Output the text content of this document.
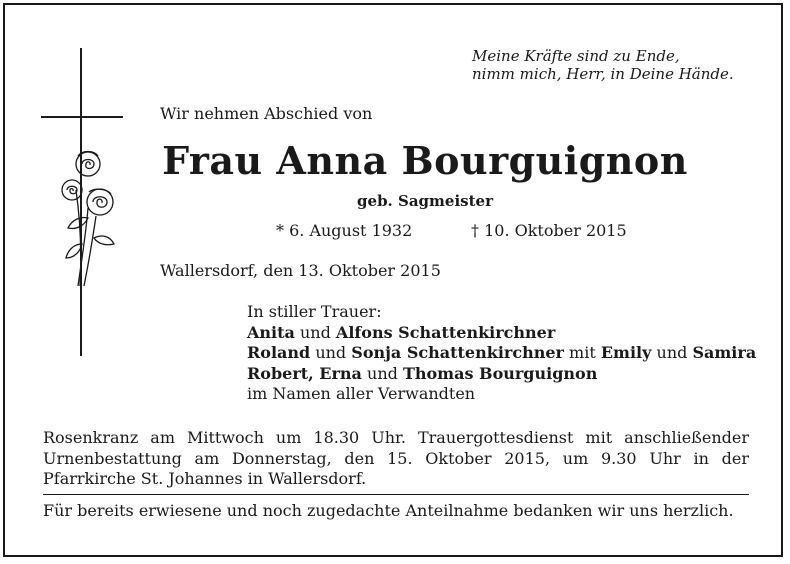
Meine Kräfte sind zu Ende,
nimm mich, Herr, in Deine Hände.
Wir nehmen Abschied von
Frau Anna Bourguignon
geb. Sagmeister
* 6. August 1932	† 10. Oktober 2015
Wallersdorf, den 13. Oktober 2015
In stiller Trauer:
Anita und Alfons Schattenkirchner
Roland und Sonja Schattenkirchner mit Emily und Samira
Robert, Erna und Thomas Bourguignon
im Namen aller Verwandten
Rosenkranz am Mittwoch um 18.30 Uhr. Trauergottesdienst mit anschließender Urnenbestattung am Donnerstag, den 15. Oktober 2015, um 9.30 Uhr in der Pfarrkirche St. Johannes in Wallersdorf.
Für bereits erwiesene und noch zugedachte Anteilnahme bedanken wir uns herzlich.
